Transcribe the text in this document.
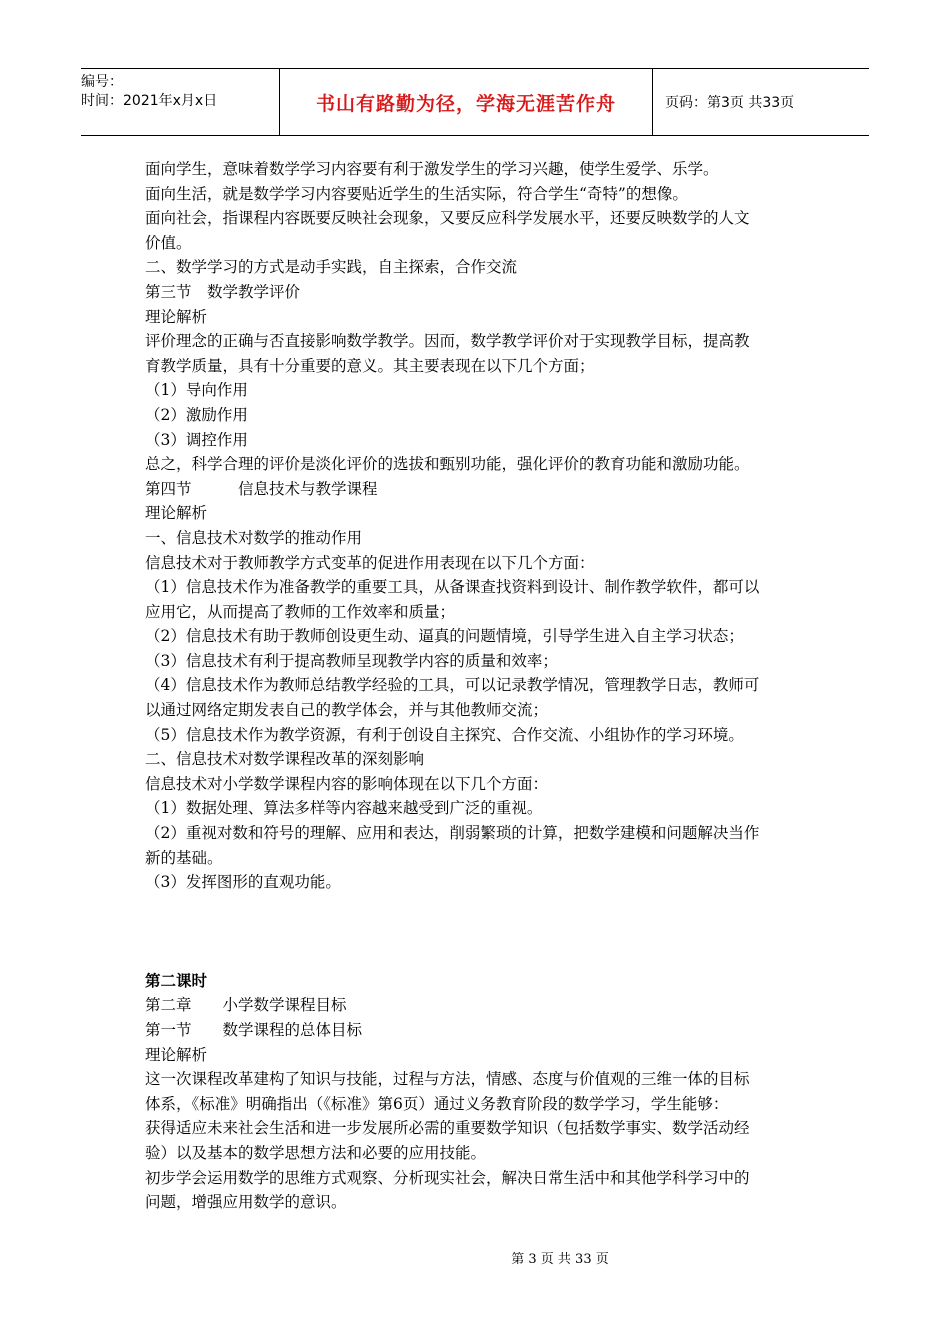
编号：
时间：2021年x月x日	书山有路勤为径，学海无涯苦作舟	页码：第3页 共33页

面向学生，意味着数学学习内容要有利于激发学生的学习兴趣，使学生爱学、乐学。

面向生活，就是数学学习内容要贴近学生的生活实际，符合学生“奇特”的想像。

面向社会，指课程内容既要反映社会现象，又要反应科学发展水平，还要反映数学的人文

价值。

二、数学学习的方式是动手实践，自主探索，合作交流

第三节　数学教学评价

理论解析

评价理念的正确与否直接影响数学教学。因而，数学教学评价对于实现教学目标，提高教

育教学质量，具有十分重要的意义。其主要表现在以下几个方面；

（1）导向作用

（2）激励作用

（3）调控作用

总之，科学合理的评价是淡化评价的选拔和甄别功能，强化评价的教育功能和激励功能。

第四节　　　信息技术与教学课程

理论解析

一、信息技术对数学的推动作用

信息技术对于教师教学方式变革的促进作用表现在以下几个方面：

（1）信息技术作为准备教学的重要工具，从备课查找资料到设计、制作教学软件，都可以

应用它，从而提高了教师的工作效率和质量；

（2）信息技术有助于教师创设更生动、逼真的问题情境，引导学生进入自主学习状态；

（3）信息技术有利于提高教师呈现教学内容的质量和效率；

（4）信息技术作为教师总结教学经验的工具，可以记录教学情况，管理教学日志，教师可

以通过网络定期发表自己的教学体会，并与其他教师交流；

（5）信息技术作为教学资源，有利于创设自主探究、合作交流、小组协作的学习环境。

二、信息技术对数学课程改革的深刻影响

信息技术对小学数学课程内容的影响体现在以下几个方面：

（1）数据处理、算法多样等内容越来越受到广泛的重视。

（2）重视对数和符号的理解、应用和表达，削弱繁琐的计算，把数学建模和问题解决当作

新的基础。

（3）发挥图形的直观功能。

第二课时

第二章　　小学数学课程目标

第一节　　数学课程的总体目标

理论解析

这一次课程改革建构了知识与技能，过程与方法，情感、态度与价值观的三维一体的目标

体系，《标准》明确指出（《标准》第6页）通过义务教育阶段的数学学习，学生能够：

获得适应未来社会生活和进一步发展所必需的重要数学知识（包括数学事实、数学活动经

验）以及基本的数学思想方法和必要的应用技能。

初步学会运用数学的思维方式观察、分析现实社会，解决日常生活中和其他学科学习中的

问题，增强应用数学的意识。

第 3 页 共 33 页
